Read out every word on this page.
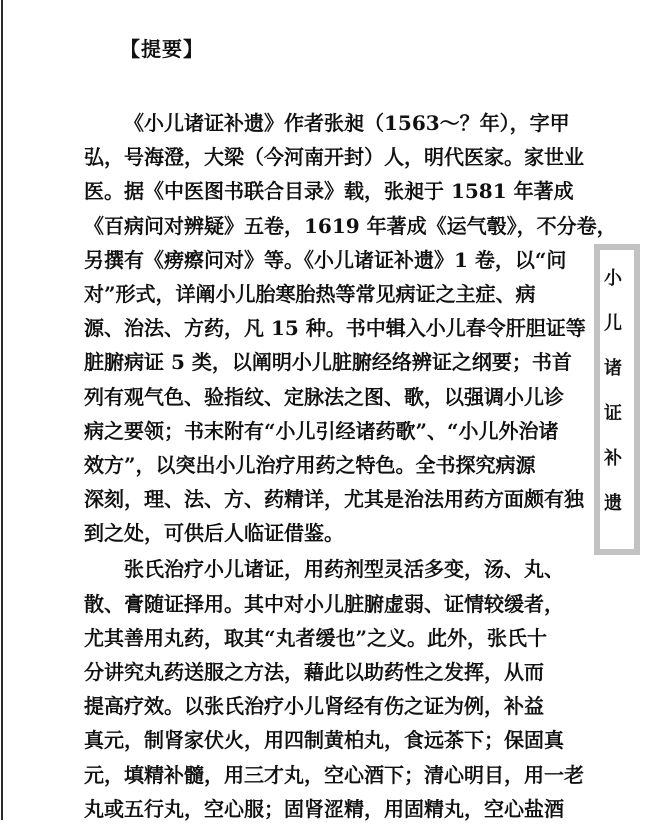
【提要】
《小儿诸证补遗》作者张昶（1563～？年），字甲
弘，号海澄，大梁（今河南开封）人，明代医家。家世业
医。据《中医图书联合目录》载，张昶于 1581 年著成
《百病问对辨疑》五卷，1619 年著成《运气彀》，不分卷，
另撰有《痨瘵问对》等。《小儿诸证补遗》1 卷，以“问
对”形式，详阐小儿胎寒胎热等常见病证之主症、病
源、治法、方药，凡 15 种。书中辑入小儿春令肝胆证等
脏腑病证 5 类，以阐明小儿脏腑经络辨证之纲要；书首
列有观气色、验指纹、定脉法之图、歌，以强调小儿诊
病之要领；书末附有“小儿引经诸药歌”、“小儿外治诸
效方”，以突出小儿治疗用药之特色。全书探究病源
深刻，理、法、方、药精详，尤其是治法用药方面颇有独
到之处，可供后人临证借鉴。
张氏治疗小儿诸证，用药剂型灵活多变，汤、丸、
散、膏随证择用。其中对小儿脏腑虚弱、证情较缓者，
尤其善用丸药，取其“丸者缓也”之义。此外，张氏十
分讲究丸药送服之方法，藉此以助药性之发挥，从而
提高疗效。以张氏治疗小儿肾经有伤之证为例，补益
真元，制肾家伏火，用四制黄柏丸，食远茶下；保固真
元，填精补髓，用三才丸，空心酒下；清心明目，用一老
丸或五行丸，空心服；固肾涩精，用固精丸，空心盐酒
小儿诸证补遗
